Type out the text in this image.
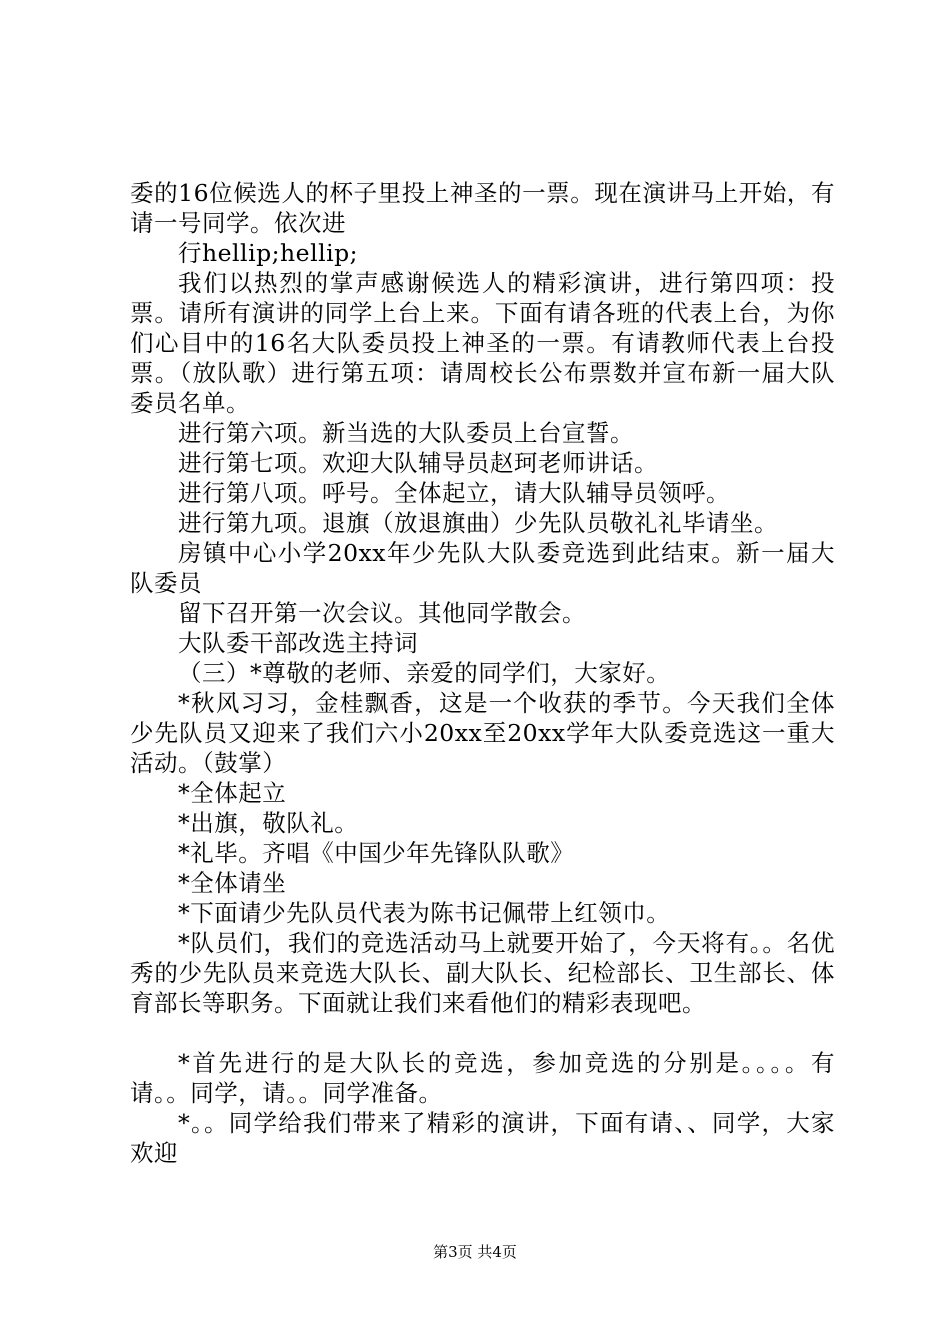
委的16位候选人的杯子里投上神圣的一票。现在演讲马上开始，有请一号同学。依次进

行hellip;hellip;

我们以热烈的掌声感谢候选人的精彩演讲，进行第四项：投票。请所有演讲的同学上台上来。下面有请各班的代表上台，为你们心目中的16名大队委员投上神圣的一票。有请教师代表上台投票。（放队歌）进行第五项：请周校长公布票数并宣布新一届大队委员名单。

进行第六项。新当选的大队委员上台宣誓。

进行第七项。欢迎大队辅导员赵珂老师讲话。

进行第八项。呼号。全体起立，请大队辅导员领呼。

进行第九项。退旗（放退旗曲）少先队员敬礼礼毕请坐。

房镇中心小学20xx年少先队大队委竞选到此结束。新一届大队委员

留下召开第一次会议。其他同学散会。

大队委干部改选主持词

（三）*尊敬的老师、亲爱的同学们，大家好。

*秋风习习，金桂飘香，这是一个收获的季节。今天我们全体少先队员又迎来了我们六小20xx至20xx学年大队委竞选这一重大活动。（鼓掌）

*全体起立

*出旗，敬队礼。

*礼毕。齐唱《中国少年先锋队队歌》

*全体请坐

*下面请少先队员代表为陈书记佩带上红领巾。

*队员们，我们的竞选活动马上就要开始了，今天将有。。名优秀的少先队员来竞选大队长、副大队长、纪检部长、卫生部长、体育部长等职务。下面就让我们来看他们的精彩表现吧。

*首先进行的是大队长的竞选，参加竞选的分别是。。。。有请。。同学，请。。同学准备。

*。。同学给我们带来了精彩的演讲，下面有请、、同学，大家欢迎

第3页 共4页
